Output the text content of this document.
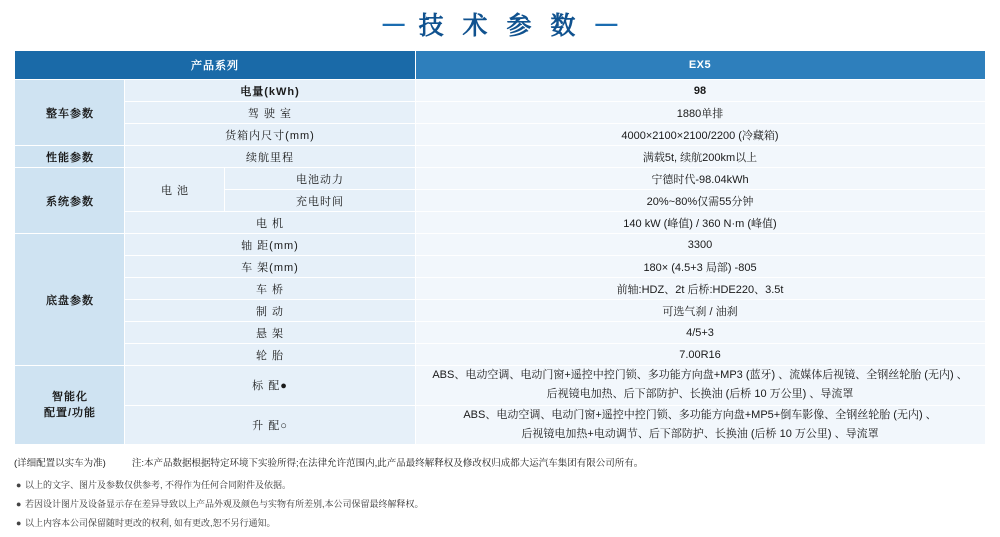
— 技 术 参 数 —
产品系列			EX5
整车参数	电量(kWh)		98
	驾 驶 室		1880单排
	货箱内尺寸(mm)		4000×2100×2100/2200 (冷藏箱)
性能参数	续航里程		满载5t, 续航200km以上
系统参数	电 池	电池动力	宁德时代-98.04kWh
		充电时间	20%~80%仅需55分钟
	电 机		140 kW (峰值) / 360 N·m (峰值)
底盘参数	轴 距(mm)		3300
	车 架(mm)		180× (4.5+3 局部) -805
	车 桥		前轴:HDZ、2t 后桥:HDE220、3.5t
	制 动		可选气刹 / 油刹
	悬 架		4/5+3
	轮 胎		7.00R16
智能化
配置/功能	标 配●		ABS、电动空调、电动门窗+遥控中控门锁、多功能方向盘+MP3 (蓝牙) 、流媒体后视镜、全钢丝轮胎 (无内) 、
后视镜电加热、后下部防护、长换油 (后桥 10 万公里) 、导流罩
	升 配○		ABS、电动空调、电动门窗+遥控中控门锁、多功能方向盘+MP5+倒车影像、全钢丝轮胎 (无内) 、
后视镜电加热+电动调节、后下部防护、长换油 (后桥 10 万公里) 、导流罩
(详细配置以实车为准)	注:本产品数据根据特定环境下实验所得;在法律允许范围内,此产品最终解释权及修改权归成都大运汽车集团有限公司所有。
● 以上的文字、图片及参数仅供参考, 不得作为任何合同附件及依据。
● 若因设计图片及设备显示存在差异导致以上产品外观及颜色与实物有所差别,本公司保留最终解释权。
● 以上内容本公司保留随时更改的权利, 如有更改,恕不另行通知。
